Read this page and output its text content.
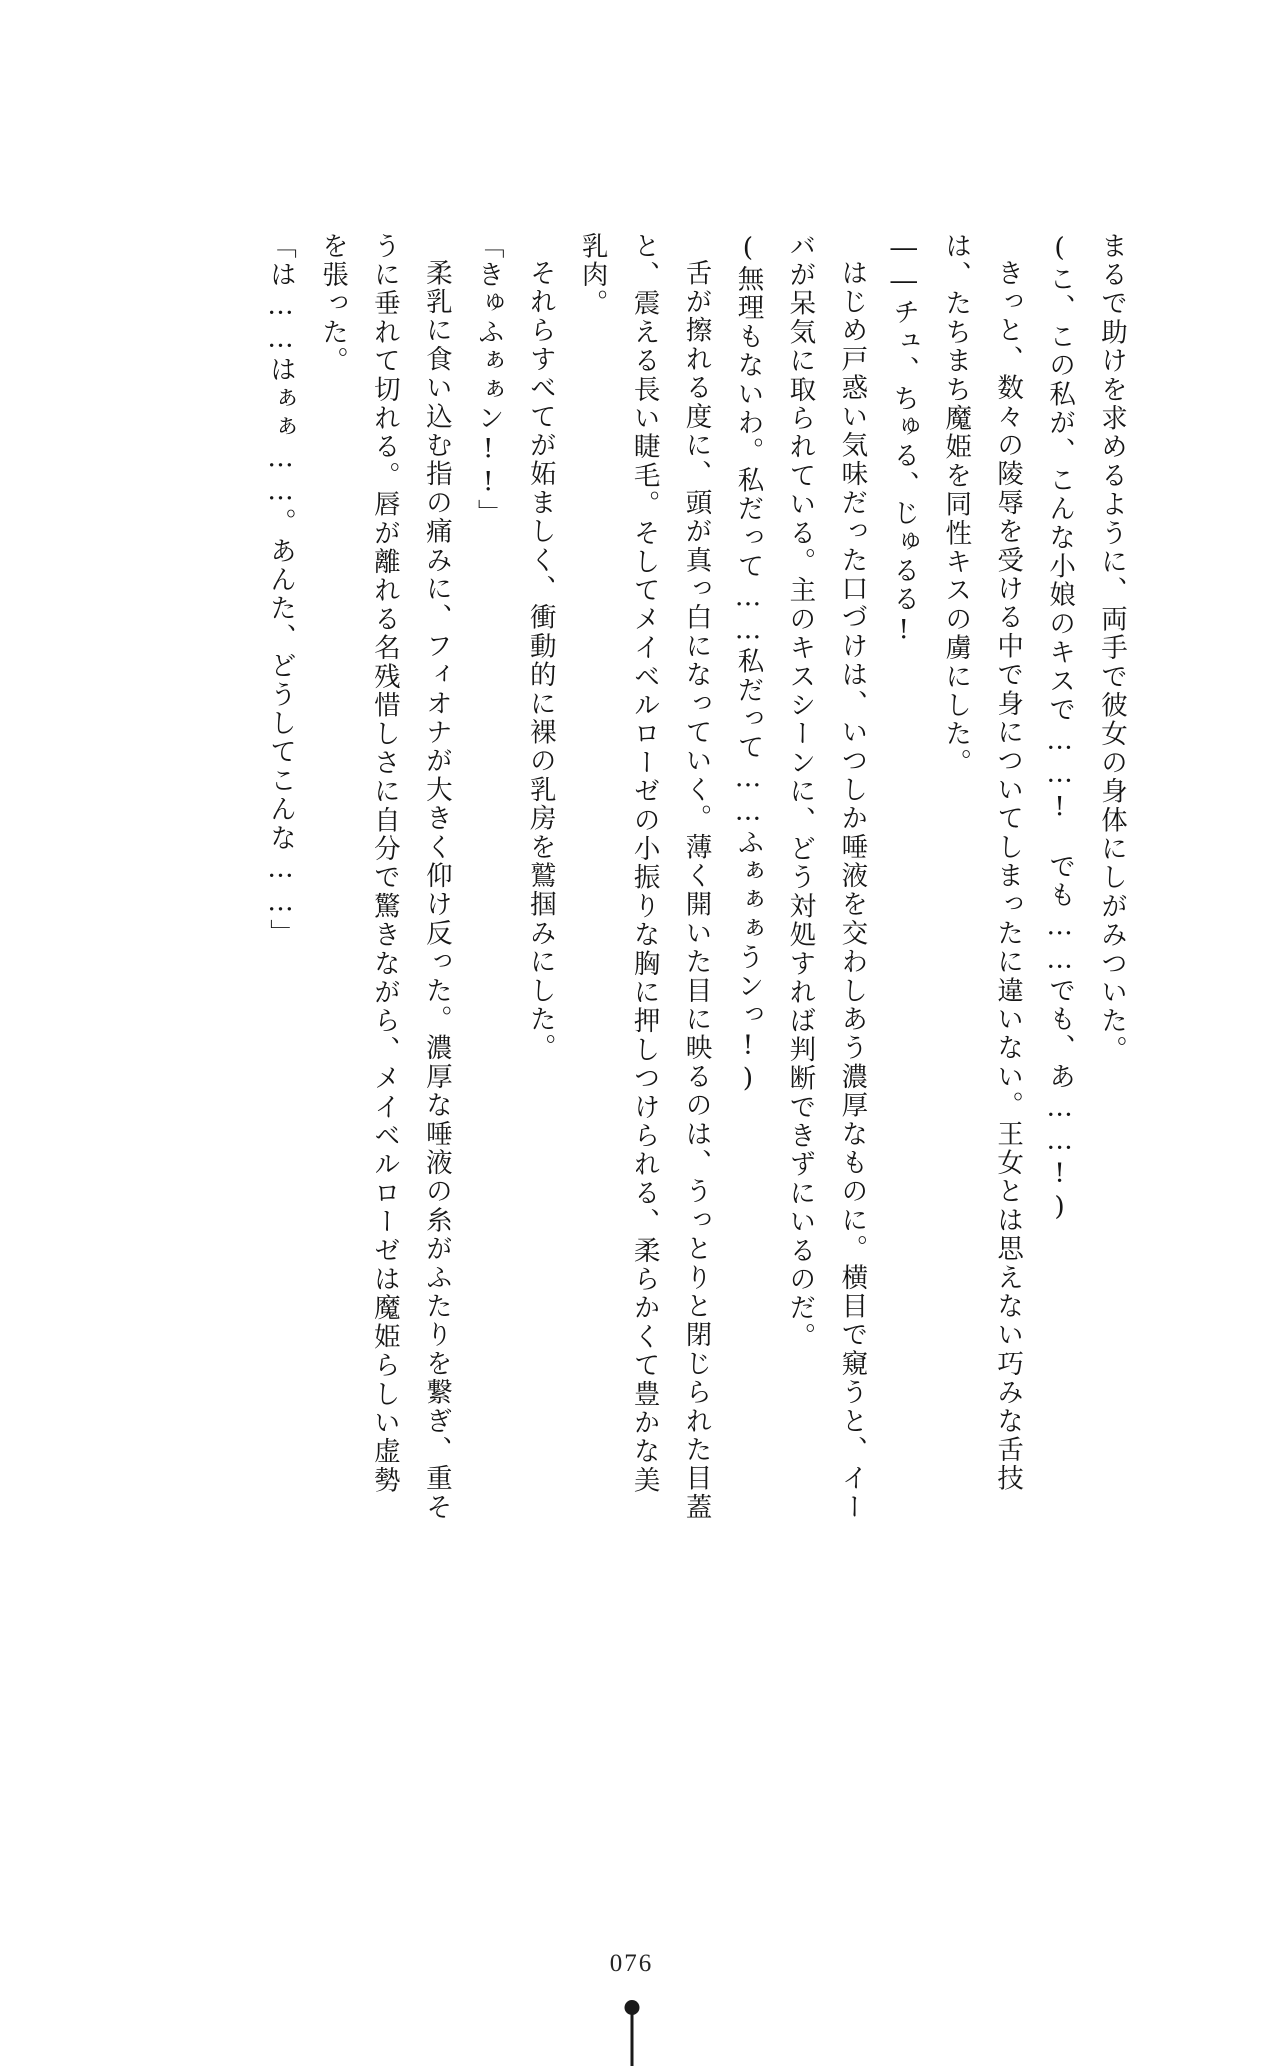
まるで助けを求めるように、両手で彼女の身体にしがみついた。

(こ、この私が、こんな小娘のキスで……!　でも……でも、あ……!)

きっと、数々の陵辱を受ける中で身についてしまったに違いない。王女とは思えない巧みな舌技は、たちまち魔姫を同性キスの虜にした。

――チュ、ちゅる、じゅるる!

はじめ戸惑い気味だった口づけは、いつしか唾液を交わしあう濃厚なものに。横目で窺うと、イーバが呆気に取られている。主のキスシーンに、どう対処すれば判断できずにいるのだ。

(無理もないわ。私だって……私だって……ふぁぁぁうンっ!)

舌が擦れる度に、頭が真っ白になっていく。薄く開いた目に映るのは、うっとりと閉じられた目蓋と、震える長い睫毛。そしてメイベルローゼの小振りな胸に押しつけられる、柔らかくて豊かな美乳肉。

それらすべてが妬ましく、衝動的に裸の乳房を鷲掴みにした。

「きゅふぁぁン!!」

柔乳に食い込む指の痛みに、フィオナが大きく仰け反った。濃厚な唾液の糸がふたりを繋ぎ、重そうに垂れて切れる。唇が離れる名残惜しさに自分で驚きながら、メイベルローゼは魔姫らしい虚勢を張った。

「は……はぁぁ……。あんた、どうしてこんな……」

076
